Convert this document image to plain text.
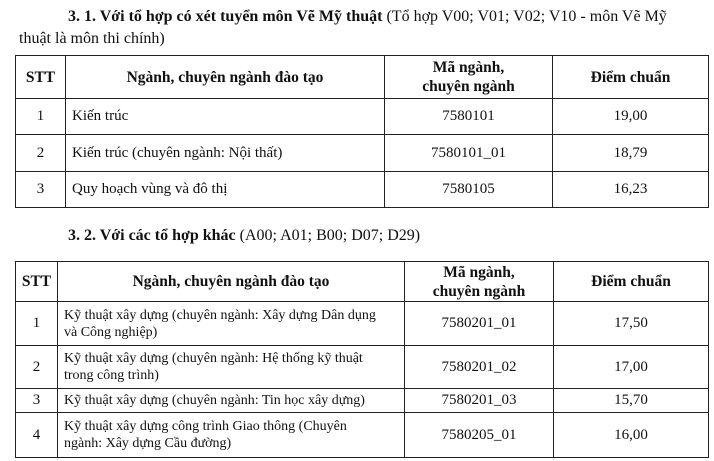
3. 1. Với tổ hợp có xét tuyển môn Vẽ Mỹ thuật (Tổ hợp V00; V01; V02; V10 - môn Vẽ Mỹ
thuật là môn thi chính)
STT	Ngành, chuyên ngành đào tạo	Mã ngành,
chuyên ngành	Điểm chuẩn
1	Kiến trúc	7580101	19,00
2	Kiến trúc (chuyên ngành: Nội thất)	7580101_01	18,79
3	Quy hoạch vùng và đô thị	7580105	16,23
3. 2. Với các tổ hợp khác (A00; A01; B00; D07; D29)
STT	Ngành, chuyên ngành đào tạo	Mã ngành,
chuyên ngành	Điểm chuẩn
1	Kỹ thuật xây dựng (chuyên ngành: Xây dựng Dân dụng
và Công nghiệp)	7580201_01	17,50
2	Kỹ thuật xây dựng (chuyên ngành: Hệ thống kỹ thuật
trong công trình)	7580201_02	17,00
3	Kỹ thuật xây dựng (chuyên ngành: Tin học xây dựng)	7580201_03	15,70
4	Kỹ thuật xây dựng công trình Giao thông (Chuyên
ngành: Xây dựng Cầu đường)	7580205_01	16,00
